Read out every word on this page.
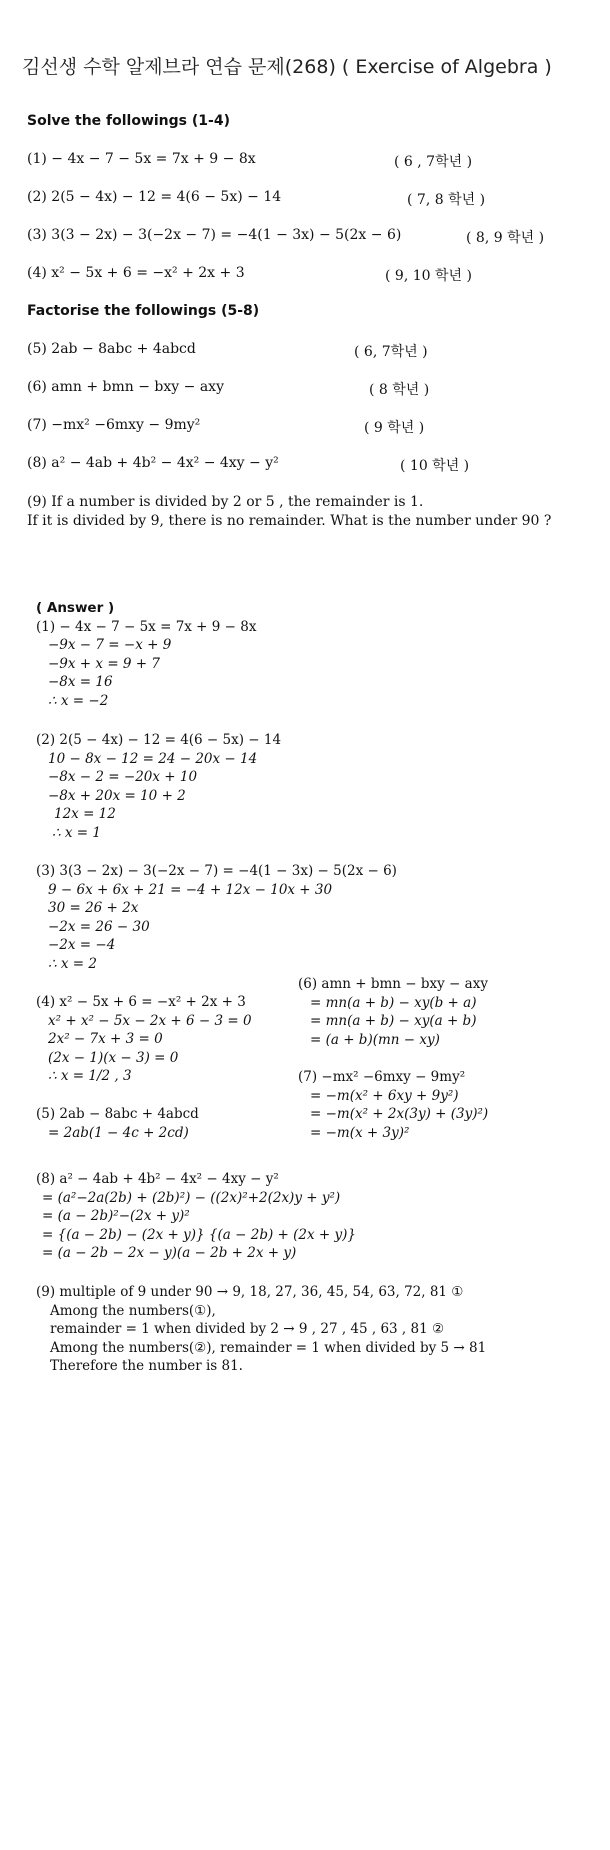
김선생 수학 알제브라 연습 문제(268) ( Exercise of Algebra )
Solve the followings (1-4)
(1) − 4x − 7 − 5x = 7x + 9 − 8x	( 6 , 7학년 )
(2) 2(5 − 4x) − 12 = 4(6 − 5x) − 14	( 7, 8 학년 )
(3) 3(3 − 2x) − 3(−2x − 7) = −4(1 − 3x) − 5(2x − 6)	( 8, 9 학년 )
(4) x² − 5x + 6 = −x² + 2x + 3	( 9, 10 학년 )
Factorise the followings (5-8)
(5) 2ab − 8abc + 4abcd	( 6, 7학년 )
(6) amn + bmn − bxy − axy	( 8 학년 )
(7) −mx² −6mxy − 9my²	( 9 학년 )
(8) a² − 4ab + 4b² − 4x² − 4xy − y²	( 10 학년 )
(9) If a number is divided by 2 or 5 , the remainder is 1.
If it is divided by 9, there is no remainder. What is the number under 90 ?
( Answer )
(1) − 4x − 7 − 5x = 7x + 9 − 8x
−9x − 7 = −x + 9
−9x + x = 9 + 7
−8x = 16
∴ x = −2
(2) 2(5 − 4x) − 12 = 4(6 − 5x) − 14
10 − 8x − 12 = 24 − 20x − 14
−8x − 2 = −20x + 10
−8x + 20x = 10 + 2
12x = 12
∴ x = 1
(3) 3(3 − 2x) − 3(−2x − 7) = −4(1 − 3x) − 5(2x − 6)
9 − 6x + 6x + 21 = −4 + 12x − 10x + 30
30 = 26 + 2x
−2x = 26 − 30
−2x = −4
∴ x = 2
(4) x² − 5x + 6 = −x² + 2x + 3
x² + x² − 5x − 2x + 6 − 3 = 0
2x² − 7x + 3 = 0
(2x − 1)(x − 3) = 0
∴ x = 1/2 , 3
(5) 2ab − 8abc + 4abcd
= 2ab(1 − 4c + 2cd)
(6) amn + bmn − bxy − axy
= mn(a + b) − xy(b + a)
= mn(a + b) − xy(a + b)
= (a + b)(mn − xy)
(7) −mx² −6mxy − 9my²
= −m(x² + 6xy + 9y²)
= −m(x² + 2x(3y) + (3y)²)
= −m(x + 3y)²
(8) a² − 4ab + 4b² − 4x² − 4xy − y²
= (a²−2a(2b) + (2b)²) − ((2x)²+2(2x)y + y²)
= (a − 2b)²−(2x + y)²
= {(a − 2b) − (2x + y)} {(a − 2b) + (2x + y)}
= (a − 2b − 2x − y)(a − 2b + 2x + y)
(9) multiple of 9 under 90 → 9, 18, 27, 36, 45, 54, 63, 72, 81 ①
Among the numbers(①),
remainder = 1 when divided by 2 → 9 , 27 , 45 , 63 , 81 ②
Among the numbers(②), remainder = 1 when divided by 5 → 81
Therefore the number is 81.
